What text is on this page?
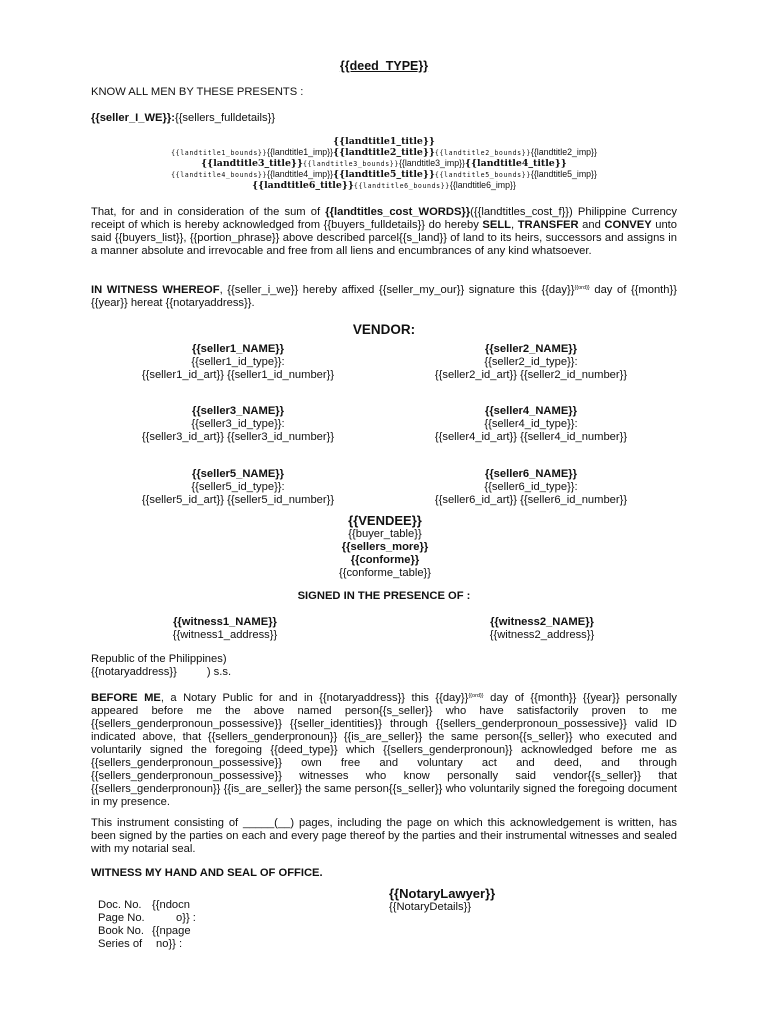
{{deed_TYPE}}
KNOW ALL MEN BY THESE PRESENTS :
{{seller_I_WE}}:{{sellers_fulldetails}}
{{landtitle1_title}}
{{landtitle1_bounds}}{{landtitle1_imp}}{{landtitle2_title}}{{landtitle2_bounds}}{{landtitle2_imp}}
{{landtitle3_title}}{{landtitle3_bounds}}{{landtitle3_imp}}{{landtitle4_title}}
{{landtitle4_bounds}}{{landtitle4_imp}}{{landtitle5_title}}{{landtitle5_bounds}}{{landtitle5_imp}}
{{landtitle6_title}}{{landtitle6_bounds}}{{landtitle6_imp}}

That, for and in consideration of the sum of {{landtitles_cost_WORDS}}({{landtitles_cost_f}}) Philippine Currency receipt of which is hereby acknowledged from {{buyers_fulldetails}} do hereby SELL, TRANSFER and CONVEY unto said {{buyers_list}}, {{portion_phrase}} above described parcel{{s_land}} of land to its heirs, successors and assigns in a manner absolute and irrevocable and free from all liens and encumbrances of any kind whatsoever.

IN WITNESS WHEREOF, {{seller_i_we}} hereby affixed {{seller_my_our}} signature this $\{\{day\}\}^{\{\{ord\}\}}$ day of {{month}} {{year}} hereat {{notaryaddress}}.

VENDOR:
{{seller1_NAME}}
{{seller1_id_type}}:
{{seller1_id_art}} {{seller1_id_number}}
{{seller2_NAME}}
{{seller2_id_type}}:
{{seller2_id_art}} {{seller2_id_number}}
{{seller3_NAME}}
{{seller3_id_type}}:
{{seller3_id_art}} {{seller3_id_number}}
{{seller4_NAME}}
{{seller4_id_type}}:
{{seller4_id_art}} {{seller4_id_number}}
{{seller5_NAME}}
{{seller5_id_type}}:
{{seller5_id_art}} {{seller5_id_number}}
{{seller6_NAME}}
{{seller6_id_type}}:
{{seller6_id_art}} {{seller6_id_number}}
{{VENDEE}}
{{buyer_table}}
{{sellers_more}}
{{conforme}}
{{conforme_table}}
SIGNED IN THE PRESENCE OF :
{{witness1_NAME}}
{{witness1_address}}
{{witness2_NAME}}
{{witness2_address}}
Republic of the Philippines)
{{notaryaddress}}	) s.s.

BEFORE ME, a Notary Public for and in {{notaryaddress}} this $\{\{day\}\}^{\{\{ord\}\}}$ day of {{month}} {{year}} personally appeared before me the above named person{{s_seller}} who have satisfactorily proven to me {{sellers_genderpronoun_possessive}} {{seller_identities}} through {{sellers_genderpronoun_possessive}} valid ID indicated above, that {{sellers_genderpronoun}} {{is_are_seller}} the same person{{s_seller}} who executed and voluntarily signed the foregoing {{deed_type}} which {{sellers_genderpronoun}} acknowledged before me as {{sellers_genderpronoun_possessive}} own free and voluntary act and deed, and through {{sellers_genderpronoun_possessive}} witnesses who know personally said vendor{{s_seller}} that {{sellers_genderpronoun}} {{is_are_seller}} the same person{{s_seller}} who voluntarily signed the foregoing document in my presence.

This instrument consisting of _____(__) pages, including the page on which this acknowledgement is written, has been signed by the parties on each and every page thereof by the parties and their instrumental witnesses and sealed with my notarial seal.

WITNESS MY HAND AND SEAL OF OFFICE.
{{NotaryLawyer}}
{{NotaryDetails}}
Doc. No. {{ndocn
Page No.	o}} :
Book No. {{npage
Series of	no}} :
